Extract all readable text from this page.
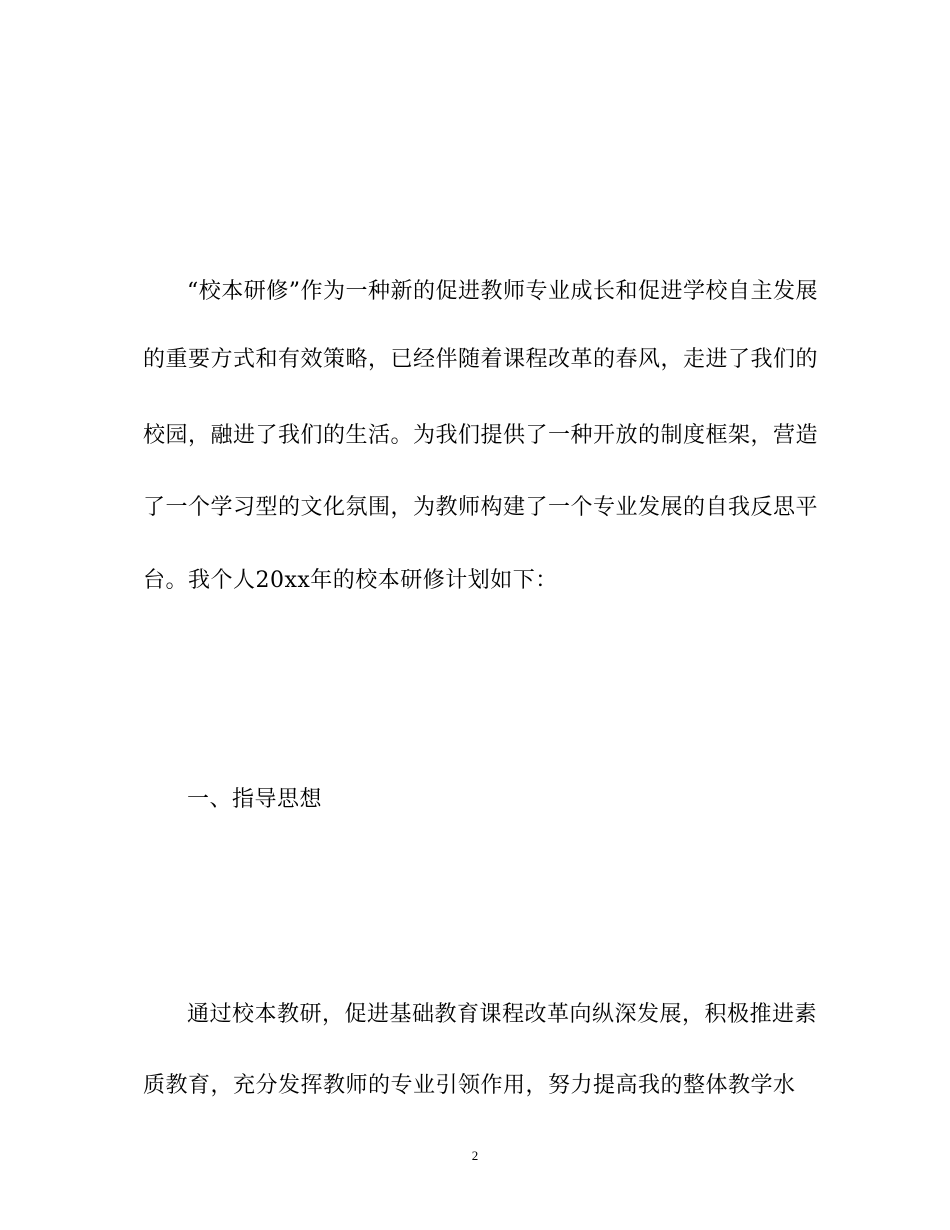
“校本研修”作为一种新的促进教师专业成长和促进学校自主发展
的重要方式和有效策略，已经伴随着课程改革的春风，走进了我们的
校园，融进了我们的生活。为我们提供了一种开放的制度框架，营造
了一个学习型的文化氛围，为教师构建了一个专业发展的自我反思平
台。我个人20xx年的校本研修计划如下：
一、指导思想
通过校本教研，促进基础教育课程改革向纵深发展，积极推进素
质教育，充分发挥教师的专业引领作用，努力提高我的整体教学水
2
